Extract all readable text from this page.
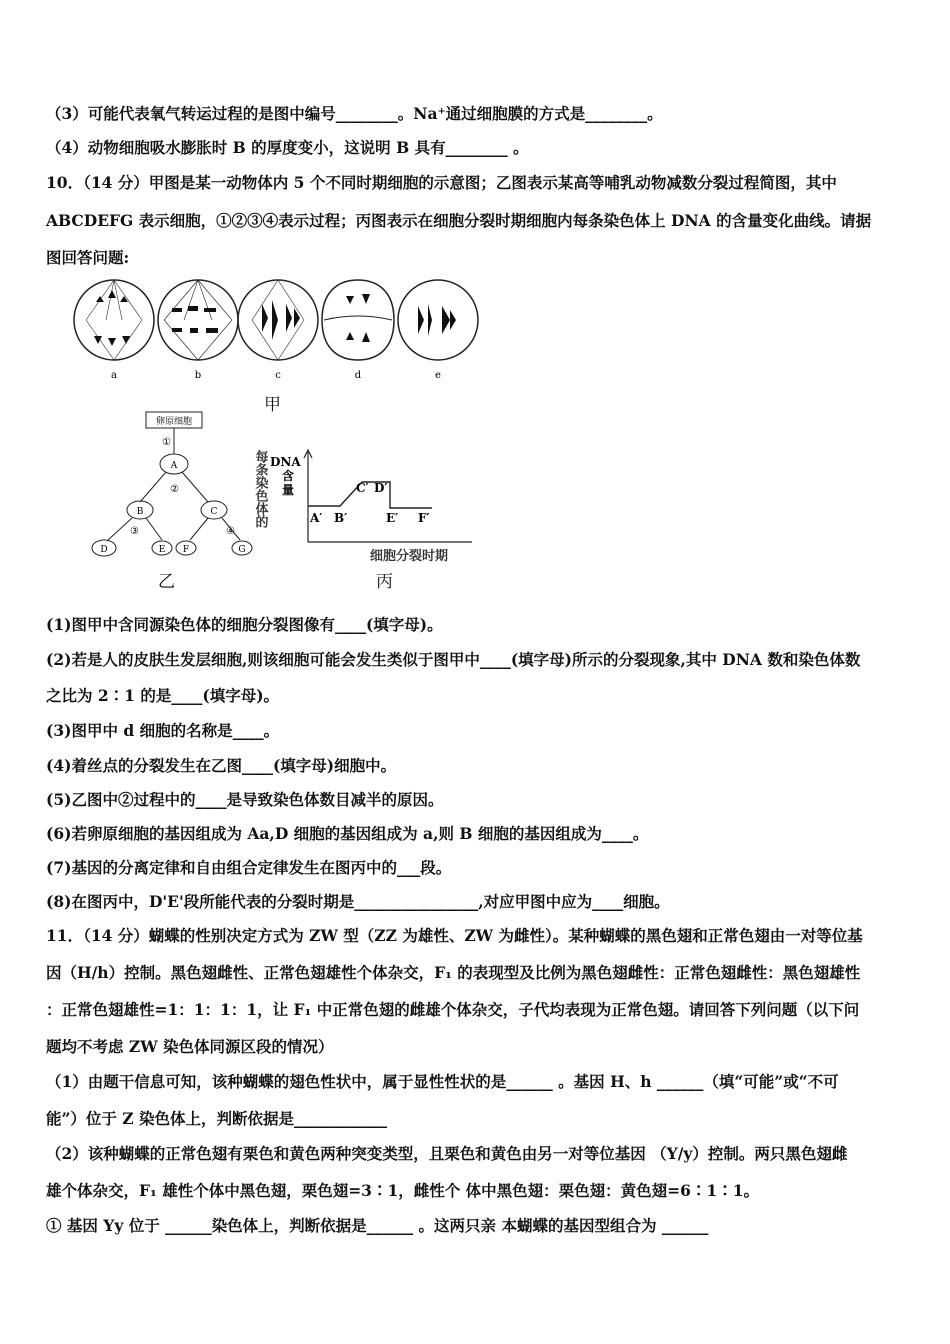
（3）可能代表氧气转运过程的是图中编号________。Na⁺通过细胞膜的方式是________。
（4）动物细胞吸水膨胀时 B 的厚度变小，这说明 B 具有________ 。
10．（14 分）甲图是某一动物体内 5 个不同时期细胞的示意图；乙图表示某高等哺乳动物减数分裂过程简图，其中
ABCDEFG 表示细胞，①②③④表示过程；丙图表示在细胞分裂时期细胞内每条染色体上 DNA 的含量变化曲线。请据
图回答问题:
a	b	c	d	e
甲
卵原细胞
①
A
②
B	C
③	④
D	E F	G
乙
每条染色体的 DNA
含
量
A′ B′
C′ D′
E′ F′
细胞分裂时期
丙
(1)图甲中含同源染色体的细胞分裂图像有____(填字母)。
(2)若是人的皮肤生发层细胞,则该细胞可能会发生类似于图甲中____(填字母)所示的分裂现象,其中 DNA 数和染色体数
之比为 2∶1 的是____(填字母)。
(3)图甲中 d 细胞的名称是____。
(4)着丝点的分裂发生在乙图____(填字母)细胞中。
(5)乙图中②过程中的____是导致染色体数目减半的原因。
(6)若卵原细胞的基因组成为 Aa,D 细胞的基因组成为 a,则 B 细胞的基因组成为____。
(7)基因的分离定律和自由组合定律发生在图丙中的___段。
(8)在图丙中，D'E'段所能代表的分裂时期是________________,对应甲图中应为____细胞。
11．（14 分）蝴蝶的性别决定方式为 ZW 型（ZZ 为雄性、ZW 为雌性）。某种蝴蝶的黑色翅和正常色翅由一对等位基
因（H/h）控制。黑色翅雌性、正常色翅雄性个体杂交，F₁ 的表现型及比例为黑色翅雌性：正常色翅雌性：黑色翅雄性
：正常色翅雄性=1：1：1：1，让 F₁ 中正常色翅的雌雄个体杂交，子代均表现为正常色翅。请回答下列问题（以下问
题均不考虑 ZW 染色体同源区段的情况）
（1）由题干信息可知，该种蝴蝶的翅色性状中，属于显性性状的是______ 。基因 H、h ______（填“可能”或“不可
能”）位于 Z 染色体上，判断依据是____________
（2）该种蝴蝶的正常色翅有栗色和黄色两种突变类型，且栗色和黄色由另一对等位基因 （Y/y）控制。两只黑色翅雌
雄个体杂交，F₁ 雄性个体中黑色翅，栗色翅=3∶1，雌性个 体中黑色翅：栗色翅：黄色翅=6∶1∶1。
① 基因 Yy 位于 ______染色体上，判断依据是______ 。这两只亲 本蝴蝶的基因型组合为 ______
